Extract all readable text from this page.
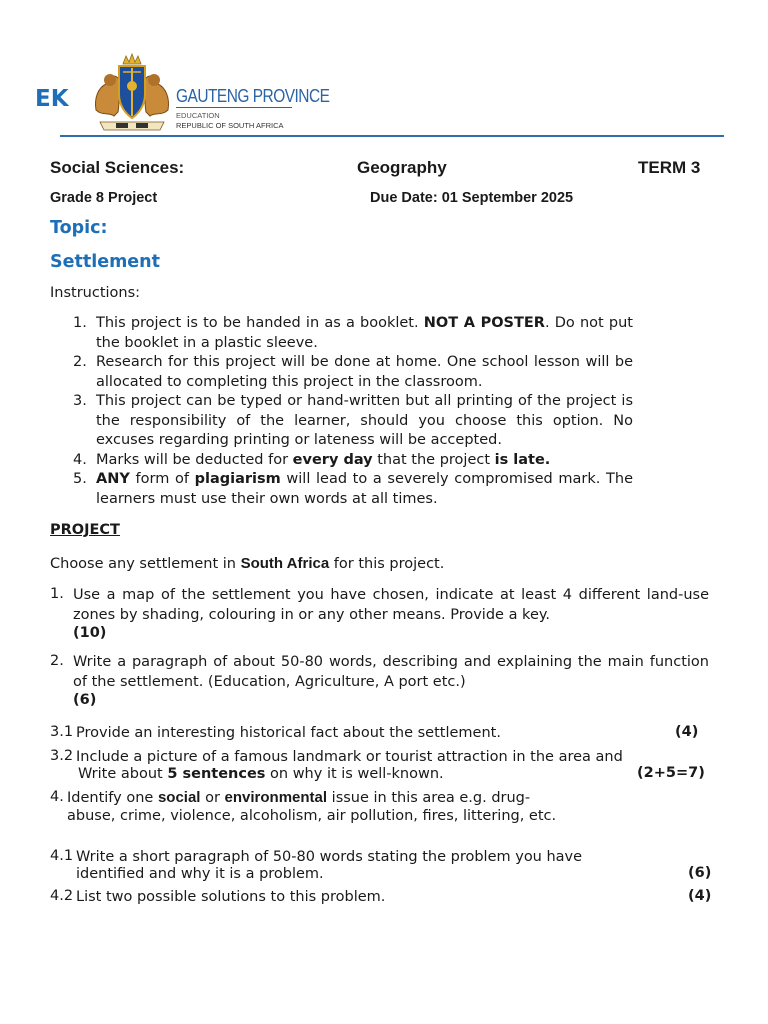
EK	GAUTENG PROVINCE
EDUCATION
REPUBLIC OF SOUTH AFRICA
Social Sciences:	Geography	TERM 3
Grade 8 Project	Due Date: 01 September 2025
Topic:
Settlement
Instructions:
1. This project is to be handed in as a booklet. NOT A POSTER. Do not put the booklet in a plastic sleeve.
2. Research for this project will be done at home. One school lesson will be allocated to completing this project in the classroom.
3. This project can be typed or hand-written but all printing of the project is the responsibility of the learner, should you choose this option. No excuses regarding printing or lateness will be accepted.
4. Marks will be deducted for every day that the project is late.
5. ANY form of plagiarism will lead to a severely compromised mark. The learners must use their own words at all times.
PROJECT
Choose any settlement in South Africa for this project.
1. Use a map of the settlement you have chosen, indicate at least 4 different land-use zones by shading, colouring in or any other means. Provide a key.
(10)
2. Write a paragraph of about 50-80 words, describing and explaining the main function of the settlement. (Education, Agriculture, A port etc.)
(6)
3.1 Provide an interesting historical fact about the settlement.	(4)
3.2 Include a picture of a famous landmark or tourist attraction in the area and
Write about 5 sentences on why it is well-known.	(2+5=7)
4. Identify one social or environmental issue in this area e.g. drug-abuse, crime, violence, alcoholism, air pollution, fires, littering, etc.
4.1 Write a short paragraph of 50-80 words stating the problem you have
identified and why it is a problem.	(6)
4.2 List two possible solutions to this problem.	(4)
